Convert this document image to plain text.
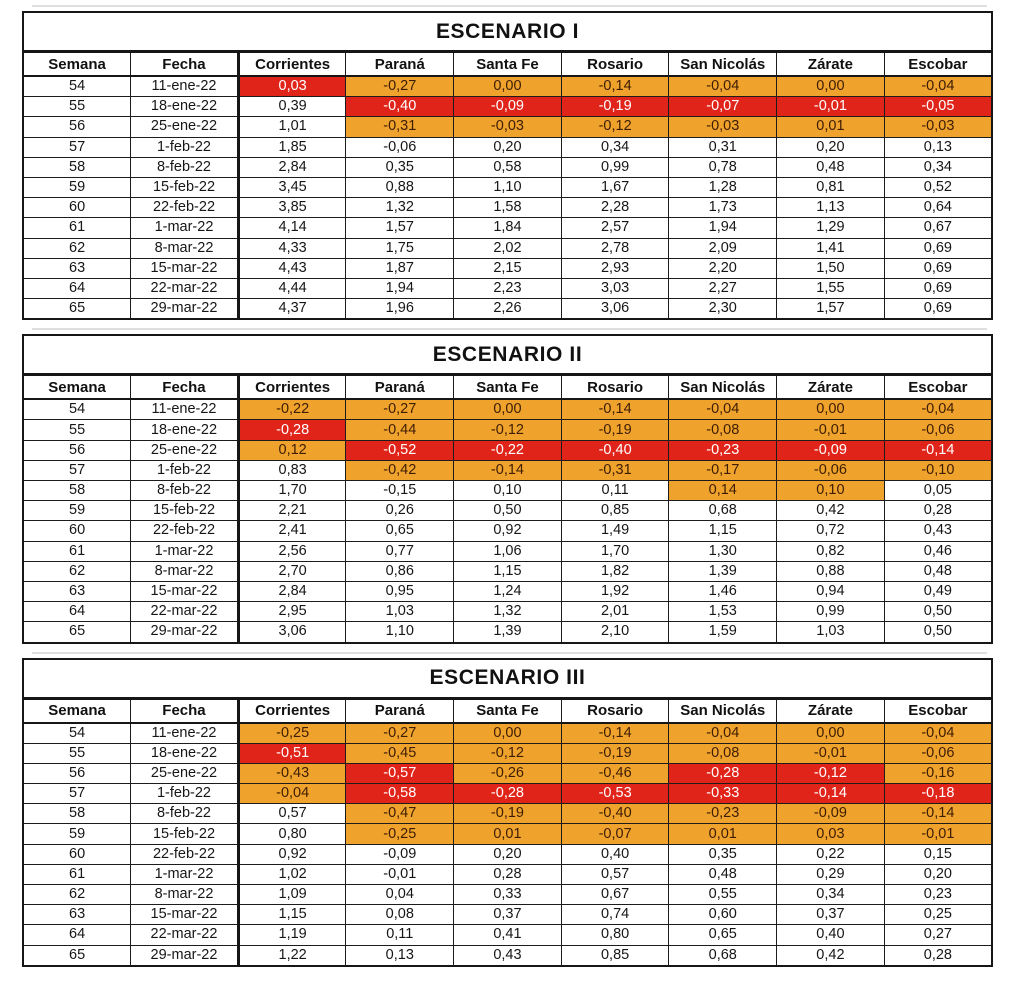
ESCENARIO I								
Semana	Fecha	Corrientes	Paraná	Santa Fe	Rosario	San Nicolás	Zárate	Escobar
54	11-ene-22	0,03	-0,27	0,00	-0,14	-0,04	0,00	-0,04
55	18-ene-22	0,39	-0,40	-0,09	-0,19	-0,07	-0,01	-0,05
56	25-ene-22	1,01	-0,31	-0,03	-0,12	-0,03	0,01	-0,03
57	1-feb-22	1,85	-0,06	0,20	0,34	0,31	0,20	0,13
58	8-feb-22	2,84	0,35	0,58	0,99	0,78	0,48	0,34
59	15-feb-22	3,45	0,88	1,10	1,67	1,28	0,81	0,52
60	22-feb-22	3,85	1,32	1,58	2,28	1,73	1,13	0,64
61	1-mar-22	4,14	1,57	1,84	2,57	1,94	1,29	0,67
62	8-mar-22	4,33	1,75	2,02	2,78	2,09	1,41	0,69
63	15-mar-22	4,43	1,87	2,15	2,93	2,20	1,50	0,69
64	22-mar-22	4,44	1,94	2,23	3,03	2,27	1,55	0,69
65	29-mar-22	4,37	1,96	2,26	3,06	2,30	1,57	0,69
ESCENARIO II								
Semana	Fecha	Corrientes	Paraná	Santa Fe	Rosario	San Nicolás	Zárate	Escobar
54	11-ene-22	-0,22	-0,27	0,00	-0,14	-0,04	0,00	-0,04
55	18-ene-22	-0,28	-0,44	-0,12	-0,19	-0,08	-0,01	-0,06
56	25-ene-22	0,12	-0,52	-0,22	-0,40	-0,23	-0,09	-0,14
57	1-feb-22	0,83	-0,42	-0,14	-0,31	-0,17	-0,06	-0,10
58	8-feb-22	1,70	-0,15	0,10	0,11	0,14	0,10	0,05
59	15-feb-22	2,21	0,26	0,50	0,85	0,68	0,42	0,28
60	22-feb-22	2,41	0,65	0,92	1,49	1,15	0,72	0,43
61	1-mar-22	2,56	0,77	1,06	1,70	1,30	0,82	0,46
62	8-mar-22	2,70	0,86	1,15	1,82	1,39	0,88	0,48
63	15-mar-22	2,84	0,95	1,24	1,92	1,46	0,94	0,49
64	22-mar-22	2,95	1,03	1,32	2,01	1,53	0,99	0,50
65	29-mar-22	3,06	1,10	1,39	2,10	1,59	1,03	0,50
ESCENARIO III								
Semana	Fecha	Corrientes	Paraná	Santa Fe	Rosario	San Nicolás	Zárate	Escobar
54	11-ene-22	-0,25	-0,27	0,00	-0,14	-0,04	0,00	-0,04
55	18-ene-22	-0,51	-0,45	-0,12	-0,19	-0,08	-0,01	-0,06
56	25-ene-22	-0,43	-0,57	-0,26	-0,46	-0,28	-0,12	-0,16
57	1-feb-22	-0,04	-0,58	-0,28	-0,53	-0,33	-0,14	-0,18
58	8-feb-22	0,57	-0,47	-0,19	-0,40	-0,23	-0,09	-0,14
59	15-feb-22	0,80	-0,25	0,01	-0,07	0,01	0,03	-0,01
60	22-feb-22	0,92	-0,09	0,20	0,40	0,35	0,22	0,15
61	1-mar-22	1,02	-0,01	0,28	0,57	0,48	0,29	0,20
62	8-mar-22	1,09	0,04	0,33	0,67	0,55	0,34	0,23
63	15-mar-22	1,15	0,08	0,37	0,74	0,60	0,37	0,25
64	22-mar-22	1,19	0,11	0,41	0,80	0,65	0,40	0,27
65	29-mar-22	1,22	0,13	0,43	0,85	0,68	0,42	0,28
